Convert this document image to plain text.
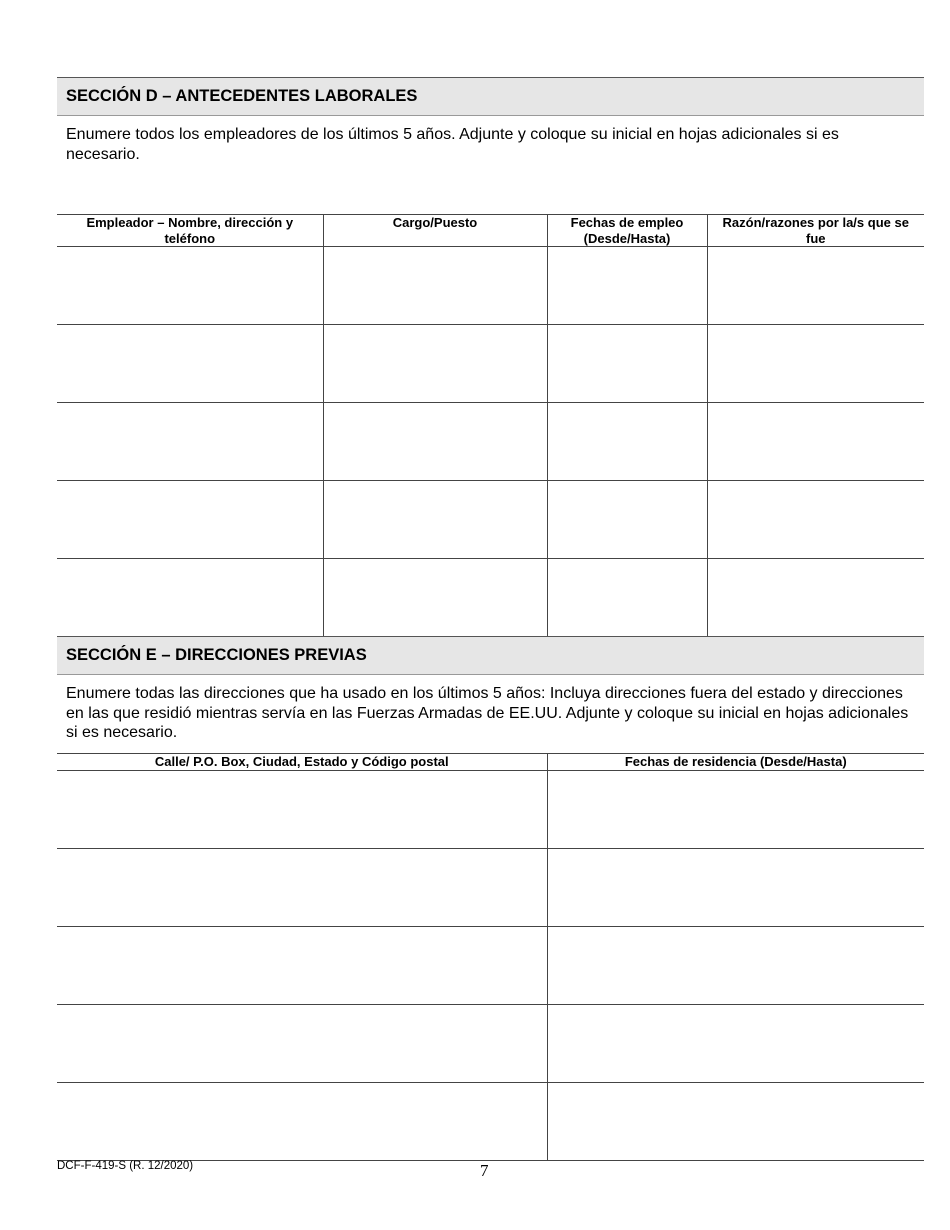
SECCIÓN D – ANTECEDENTES LABORALES
Enumere todos los empleadores de los últimos 5 años. Adjunte y coloque su inicial en hojas adicionales si es necesario.
Empleador – Nombre, dirección y teléfono	Cargo/Puesto	Fechas de empleo (Desde/Hasta)	Razón/razones por la/s que se fue

SECCIÓN E – DIRECCIONES PREVIAS
Enumere todas las direcciones que ha usado en los últimos 5 años: Incluya direcciones fuera del estado y direcciones en las que residió mientras servía en las Fuerzas Armadas de EE.UU. Adjunte y coloque su inicial en hojas adicionales si es necesario.
Calle/ P.O. Box, Ciudad, Estado y Código postal	Fechas de residencia (Desde/Hasta)

DCF-F-419-S (R. 12/2020)	7
